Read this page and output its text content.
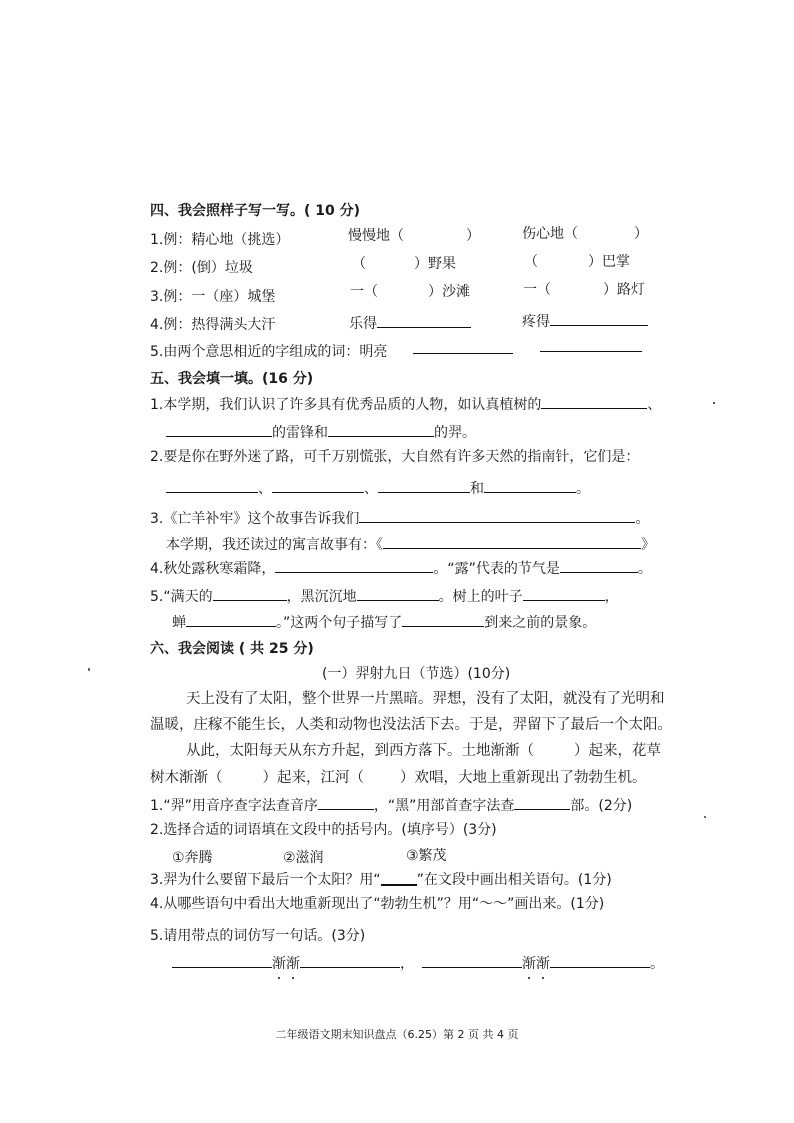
四、我会照样子写一写。( 10 分)
1.例：精心地（挑选）	慢慢地（	）	伤心地（	）
2.例：(倒）垃圾	（	）野果	（	）巴掌
3.例：一（座）城堡	一（	）沙滩	一（	）路灯
4.例：热得满头大汗	乐得	疼得
5.由两个意思相近的字组成的词：明亮
五、我会填一填。(16 分)
1.本学期，我们认识了许多具有优秀品质的人物，如认真植树的	、
的雷锋和	的羿。
2.要是你在野外迷了路，可千万别慌张，大自然有许多天然的指南针，它们是：
、	、	和	。
3.《亡羊补牢》这个故事告诉我们	。
本学期，我还读过的寓言故事有：《	》
4.秋处露秋寒霜降，	。“露”代表的节气是	。
5.“满天的	，黑沉沉地	。树上的叶子	，
蝉	。”这两个句子描写了	到来之前的景象。
六、我会阅读 ( 共 25 分)
(一）羿射九日（节选）(10分)
天上没有了太阳，整个世界一片黑暗。羿想，没有了太阳，就没有了光明和
温暖，庄稼不能生长，人类和动物也没法活下去。于是，羿留下了最后一个太阳。
从此，太阳每天从东方升起，到西方落下。土地渐渐（	）起来，花草
树木渐渐（	）起来，江河（ ）欢唱，大地上重新现出了勃勃生机。
1.“羿”用音序查字法查音序	，“黑”用部首查字法查	部。(2分)
2.选择合适的词语填在文段中的括号内。(填序号）(3分)
①奔腾	②滋润	③繁茂
3.羿为什么要留下最后一个太阳？用“	”在文段中画出相关语句。(1分)
4.从哪些语句中看出大地重新现出了“勃勃生机”？用“～～”画出来。(1分)
5.请用带点的词仿写一句话。(3分)
渐渐	，	渐渐	。
二年级语文期末知识盘点（6.25）第 2 页 共 4 页
